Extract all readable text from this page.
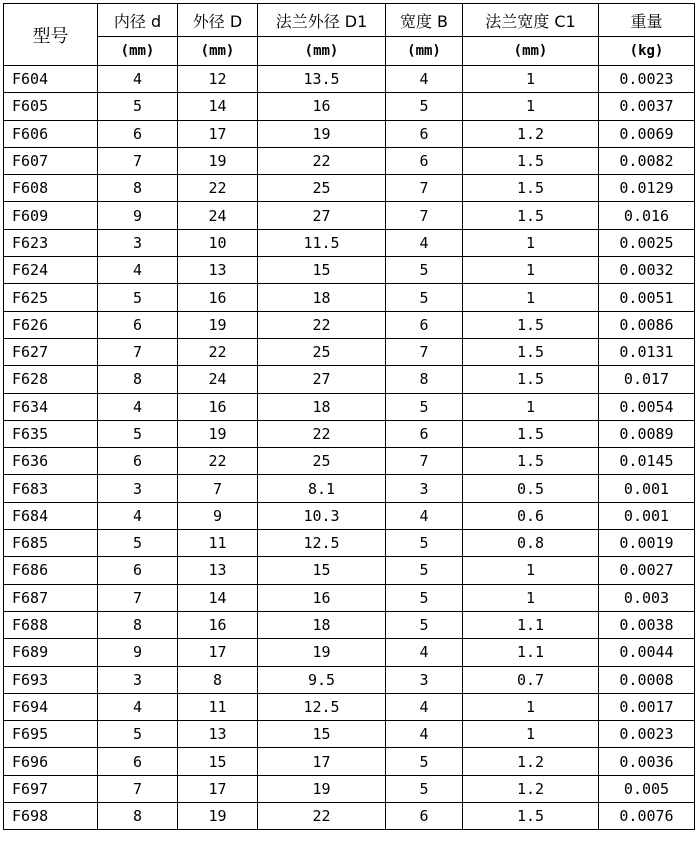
型号	内径 d	外径 D	法兰外径 D1	宽度 B	法兰宽度 C1	重量
	(mm)	(mm)	(mm)	(mm)	(mm)	(kg)
F604	4	12	13.5	4	1	0.0023
F605	5	14	16	5	1	0.0037
F606	6	17	19	6	1.2	0.0069
F607	7	19	22	6	1.5	0.0082
F608	8	22	25	7	1.5	0.0129
F609	9	24	27	7	1.5	0.016
F623	3	10	11.5	4	1	0.0025
F624	4	13	15	5	1	0.0032
F625	5	16	18	5	1	0.0051
F626	6	19	22	6	1.5	0.0086
F627	7	22	25	7	1.5	0.0131
F628	8	24	27	8	1.5	0.017
F634	4	16	18	5	1	0.0054
F635	5	19	22	6	1.5	0.0089
F636	6	22	25	7	1.5	0.0145
F683	3	7	8.1	3	0.5	0.001
F684	4	9	10.3	4	0.6	0.001
F685	5	11	12.5	5	0.8	0.0019
F686	6	13	15	5	1	0.0027
F687	7	14	16	5	1	0.003
F688	8	16	18	5	1.1	0.0038
F689	9	17	19	4	1.1	0.0044
F693	3	8	9.5	3	0.7	0.0008
F694	4	11	12.5	4	1	0.0017
F695	5	13	15	4	1	0.0023
F696	6	15	17	5	1.2	0.0036
F697	7	17	19	5	1.2	0.005
F698	8	19	22	6	1.5	0.0076
